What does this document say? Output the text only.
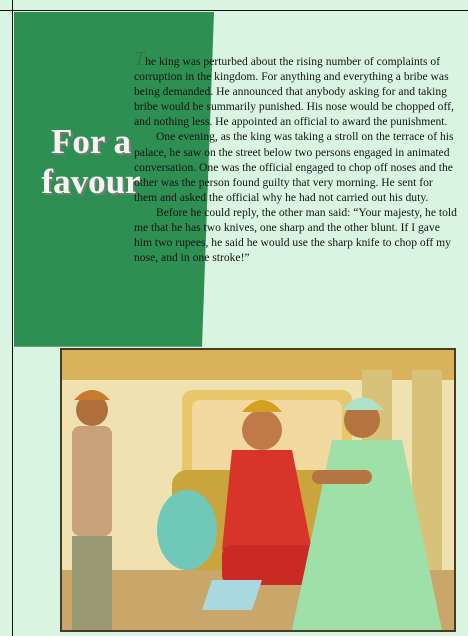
For a
favour

The king was perturbed about the rising number of complaints of corruption in the kingdom. For anything and everything a bribe was being demanded. He announced that anybody asking for and taking bribe would be summarily punished. His nose would be chopped off, and nothing less. He appointed an official to award the punishment.

One evening, as the king was taking a stroll on the terrace of his palace, he saw on the street below two persons engaged in animated conversation. One was the official engaged to chop off noses and the other was the person found guilty that very morning. He sent for them and asked the official why he had not carried out his duty.

Before he could reply, the other man said: “Your majesty, he told me that he has two knives, one sharp and the other blunt. If I gave him two rupees, he said he would use the sharp knife to chop off my nose, and in one stroke!”
